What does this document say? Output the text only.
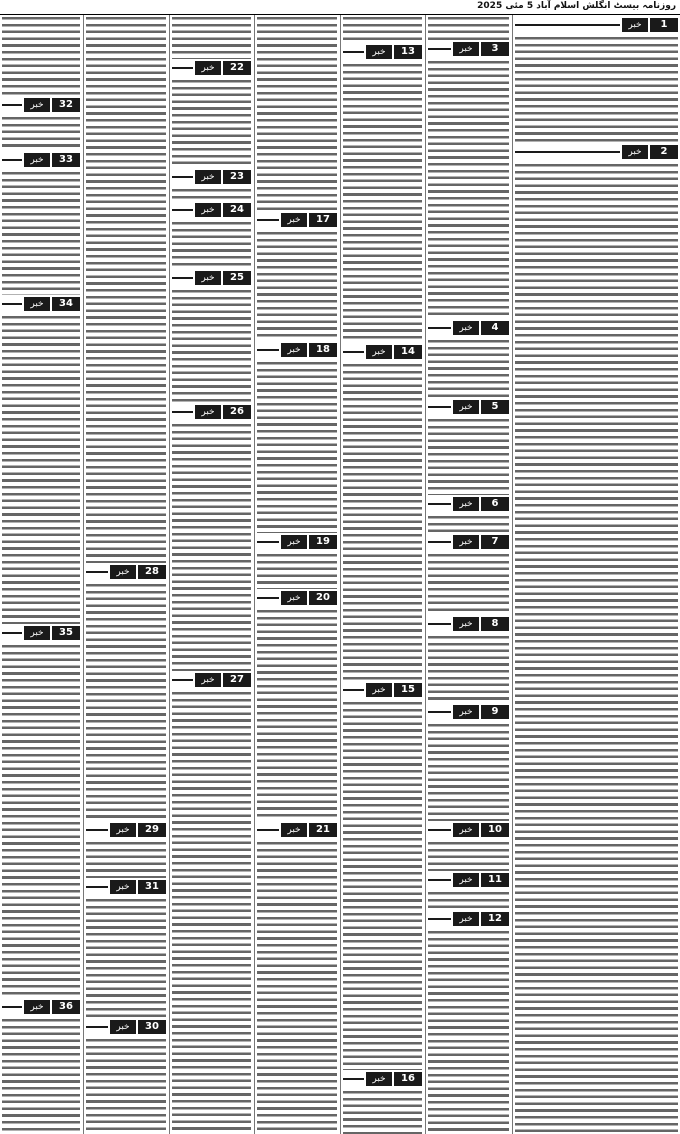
روزنامہ بیسٹ انگلش اسلام آباد 5 مئی 2025
خبر	1
خبر	2
خبر	3
خبر	4
خبر	5
خبر	6
خبر	7
خبر	8
خبر	9
خبر	10
خبر	11
خبر	12
خبر	13
خبر	14
خبر	15
خبر	16
خبر	17
خبر	18
خبر	19
خبر	20
خبر	21
خبر	22
خبر	23
خبر	24
خبر	25
خبر	26
خبر	27
خبر	28
خبر	29
خبر	31
خبر	30
خبر	32
خبر	33
خبر	34
خبر	35
خبر	36
